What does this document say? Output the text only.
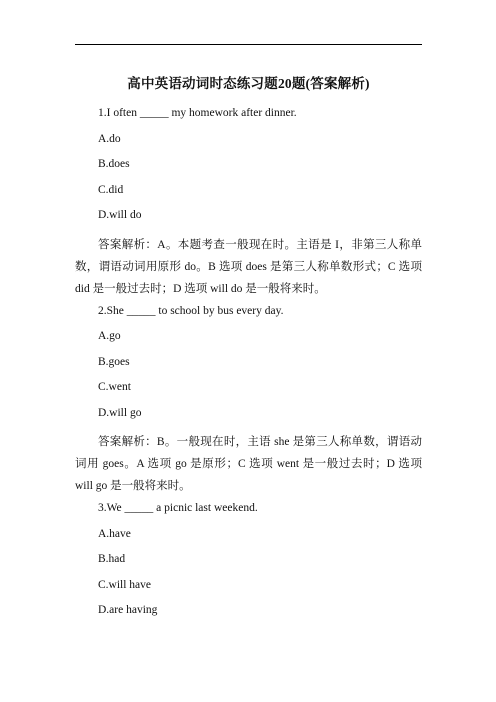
高中英语动词时态练习题20题(答案解析)
1.I often _____ my homework after dinner.
A.do
B.does
C.did
D.will do
答案解析：A。本题考查一般现在时。主语是 I，非第三人称单数，谓语动词用原形 do。B 选项 does 是第三人称单数形式；C 选项 did 是一般过去时；D 选项 will do 是一般将来时。
2.She _____ to school by bus every day.
A.go
B.goes
C.went
D.will go
答案解析：B。一般现在时，主语 she 是第三人称单数，谓语动词用 goes。A 选项 go 是原形；C 选项 went 是一般过去时；D 选项 will go 是一般将来时。
3.We _____ a picnic last weekend.
A.have
B.had
C.will have
D.are having
